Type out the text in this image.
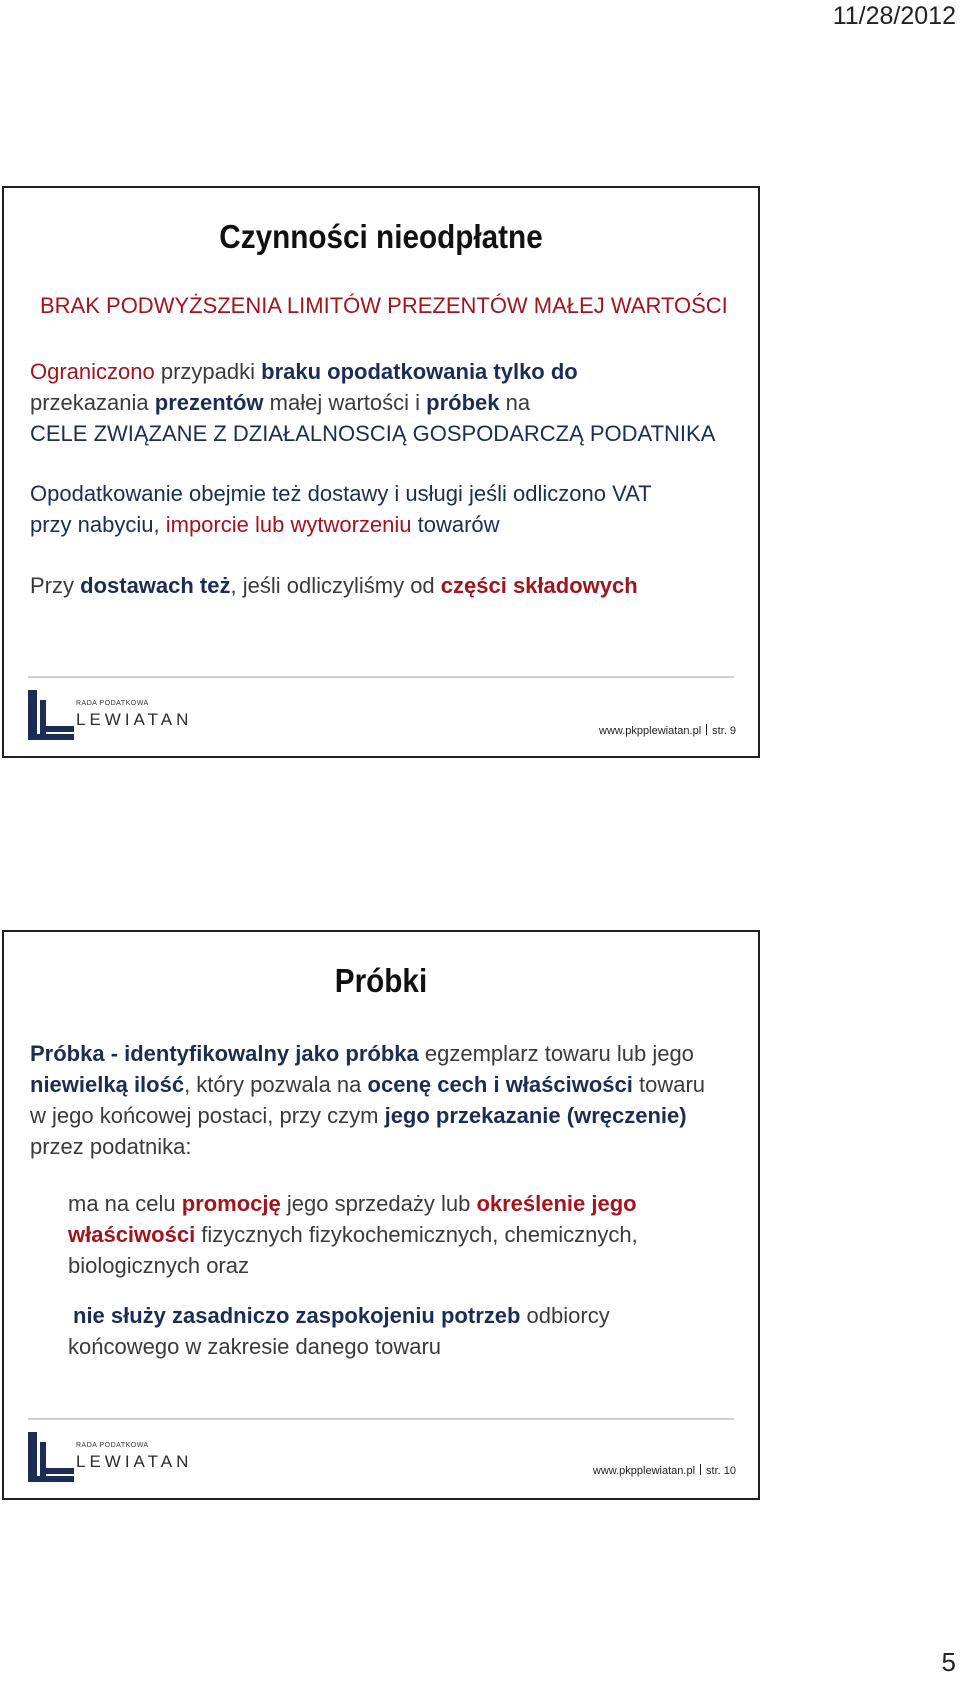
11/28/2012
Czynności nieodpłatne
BRAK PODWYŻSZENIA LIMITÓW PREZENTÓW MAŁEJ WARTOŚCI
Ograniczono przypadki braku opodatkowania tylko do
przekazania prezentów małej wartości i próbek na
CELE ZWIĄZANE Z DZIAŁALNOSCIĄ GOSPODARCZĄ PODATNIKA
Opodatkowanie obejmie też dostawy i usługi jeśli odliczono VAT
przy nabyciu, imporcie lub wytworzeniu towarów
Przy dostawach też, jeśli odliczyliśmy od części składowych
RADA PODATKOWA
LEWIATAN
www.pkpplewiatan.pl str. 9
Próbki
Próbka - identyfikowalny jako próbka egzemplarz towaru lub jego
niewielką ilość, który pozwala na ocenę cech i właściwości towaru
w jego końcowej postaci, przy czym jego przekazanie (wręczenie)
przez podatnika:
ma na celu promocję jego sprzedaży lub określenie jego
właściwości fizycznych fizykochemicznych, chemicznych,
biologicznych oraz
nie służy zasadniczo zaspokojeniu potrzeb odbiorcy
końcowego w zakresie danego towaru
RADA PODATKOWA
LEWIATAN	www.pkpplewiatan.pl str. 10
5
